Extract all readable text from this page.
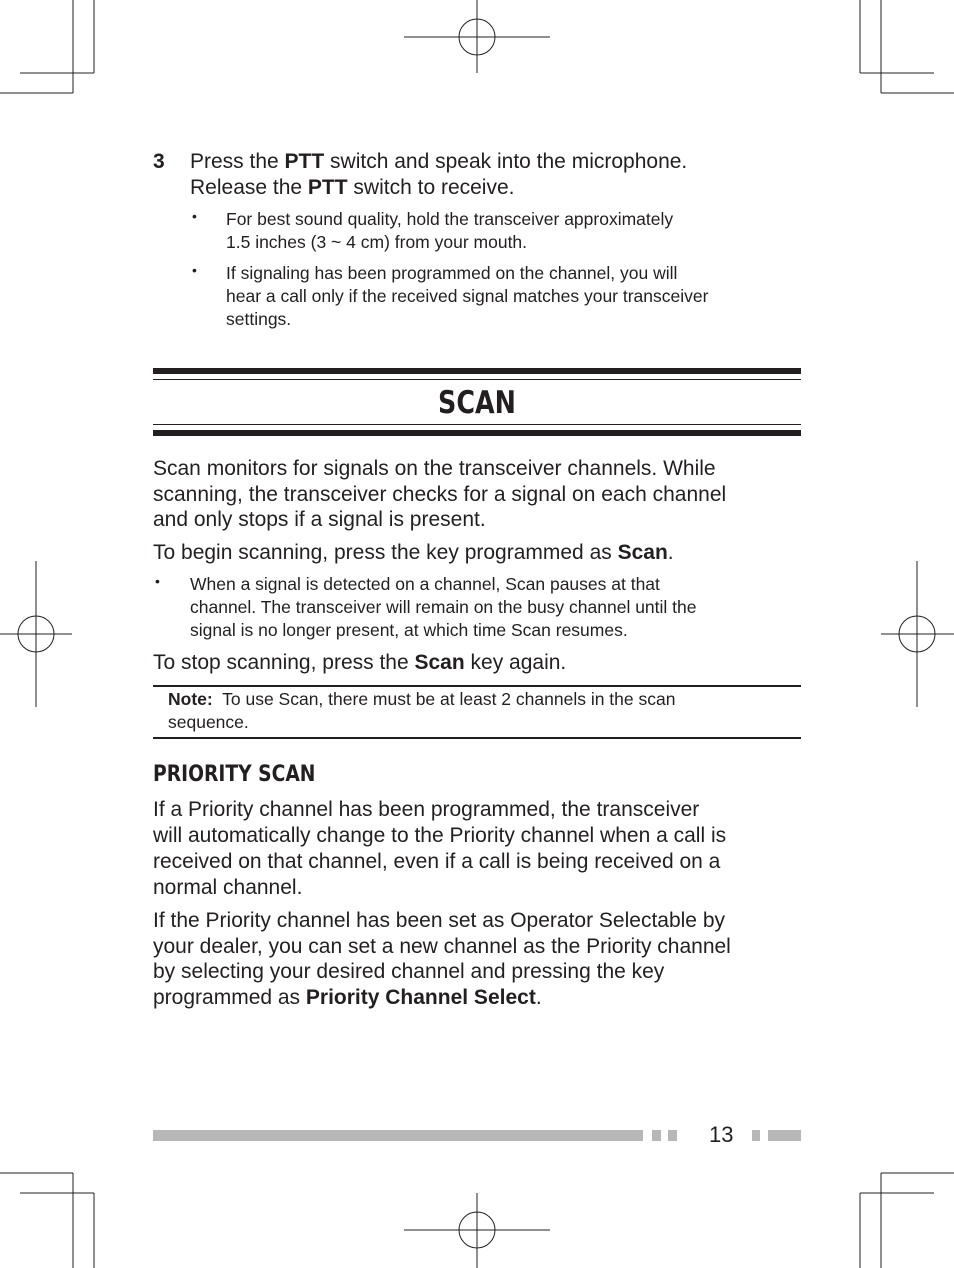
3 Press the PTT switch and speak into the microphone.
Release the PTT switch to receive.
• For best sound quality, hold the transceiver approximately
1.5 inches (3 ~ 4 cm) from your mouth.
• If signaling has been programmed on the channel, you will
hear a call only if the received signal matches your transceiver
settings.
SCAN
Scan monitors for signals on the transceiver channels. While
scanning, the transceiver checks for a signal on each channel
and only stops if a signal is present.
To begin scanning, press the key programmed as Scan.
• When a signal is detected on a channel, Scan pauses at that
channel. The transceiver will remain on the busy channel until the
signal is no longer present, at which time Scan resumes.
To stop scanning, press the Scan key again.
Note:  To use Scan, there must be at least 2 channels in the scan
sequence.
PRIORITY SCAN
If a Priority channel has been programmed, the transceiver
will automatically change to the Priority channel when a call is
received on that channel, even if a call is being received on a
normal channel.
If the Priority channel has been set as Operator Selectable by
your dealer, you can set a new channel as the Priority channel
by selecting your desired channel and pressing the key
programmed as Priority Channel Select.
13
